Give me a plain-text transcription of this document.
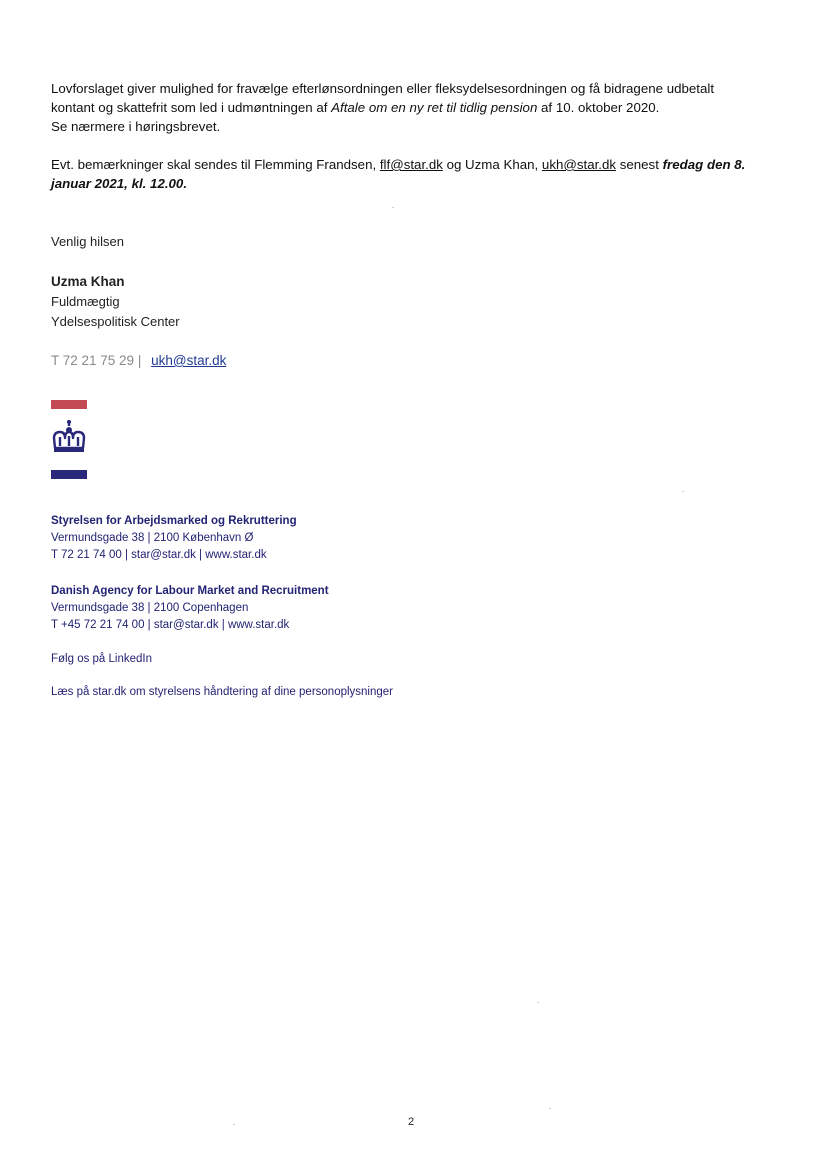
Lovforslaget giver mulighed for fravælge efterlønsordningen eller fleksydelsesordningen og få bidragene udbetalt
kontant og skattefrit som led i udmøntningen af Aftale om en ny ret til tidlig pension af 10. oktober 2020.
Se nærmere i høringsbrevet.
Evt. bemærkninger skal sendes til Flemming Frandsen, flf@star.dk og Uzma Khan, ukh@star.dk senest fredag den 8.
januar 2021, kl. 12.00.
Venlig hilsen
Uzma Khan
Fuldmægtig
Ydelsespolitisk Center
T 72 21 75 29 | ukh@star.dk
Styrelsen for Arbejdsmarked og Rekruttering
Vermundsgade 38 | 2100 København Ø
T 72 21 74 00 | star@star.dk | www.star.dk
Danish Agency for Labour Market and Recruitment
Vermundsgade 38 | 2100 Copenhagen
T +45 72 21 74 00 | star@star.dk | www.star.dk
Følg os på LinkedIn
Læs på star.dk om styrelsens håndtering af dine personoplysninger
2
